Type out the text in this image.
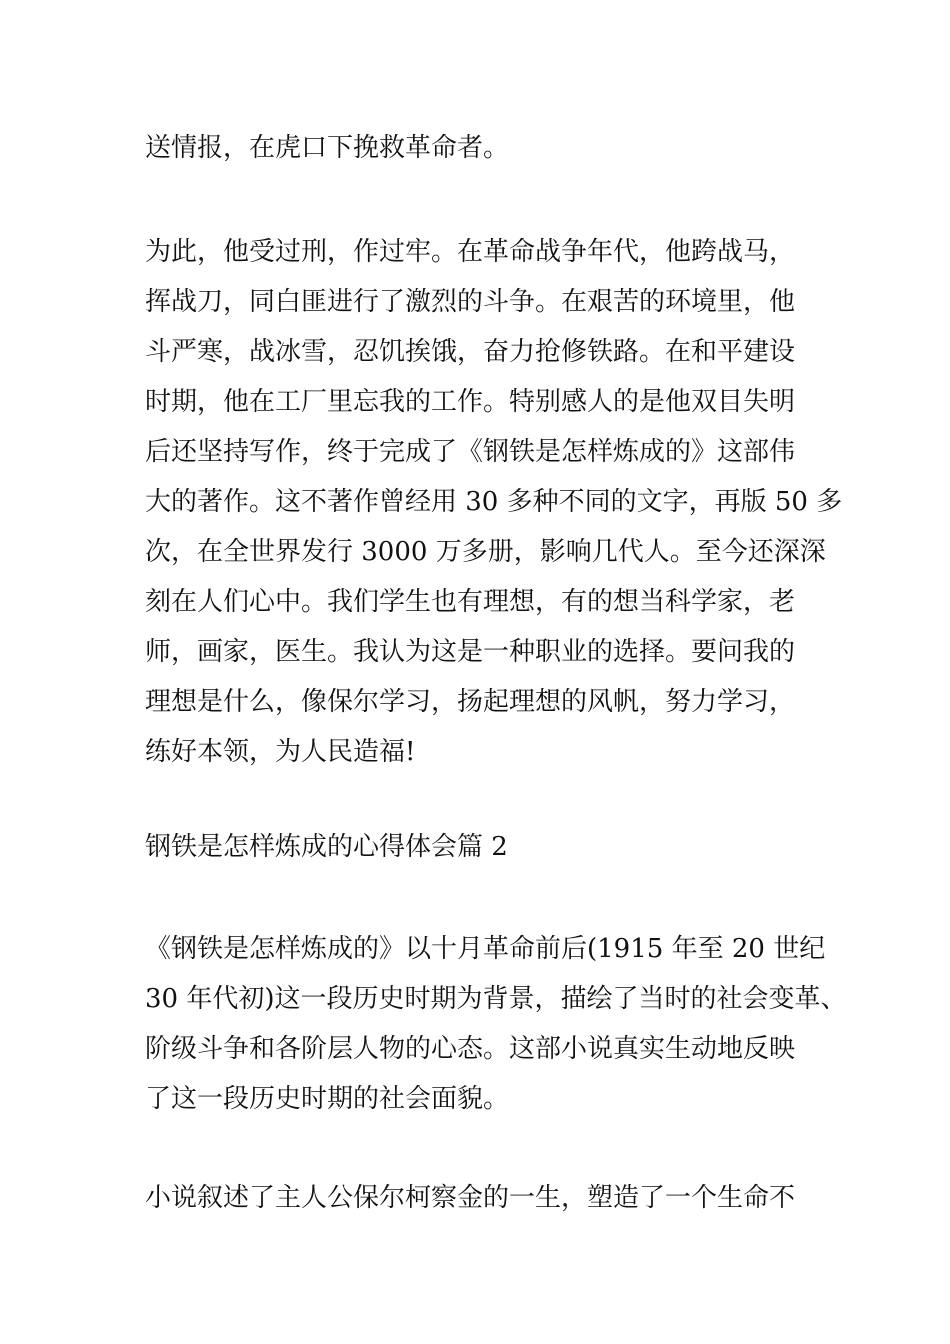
送情报，在虎口下挽救革命者。
为此，他受过刑，作过牢。在革命战争年代，他跨战马，
挥战刀，同白匪进行了激烈的斗争。在艰苦的环境里，他
斗严寒，战冰雪，忍饥挨饿，奋力抢修铁路。在和平建设
时期，他在工厂里忘我的工作。特别感人的是他双目失明
后还坚持写作，终于完成了《钢铁是怎样炼成的》这部伟
大的著作。这不著作曾经用 30 多种不同的文字，再版 50 多
次，在全世界发行 3000 万多册，影响几代人。至今还深深
刻在人们心中。我们学生也有理想，有的想当科学家，老
师，画家，医生。我认为这是一种职业的选择。要问我的
理想是什么，像保尔学习，扬起理想的风帆，努力学习，
练好本领，为人民造福!
钢铁是怎样炼成的心得体会篇 2
《钢铁是怎样炼成的》以十月革命前后(1915 年至 20 世纪
30 年代初)这一段历史时期为背景，描绘了当时的社会变革、
阶级斗争和各阶层人物的心态。这部小说真实生动地反映
了这一段历史时期的社会面貌。
小说叙述了主人公保尔柯察金的一生，塑造了一个生命不
